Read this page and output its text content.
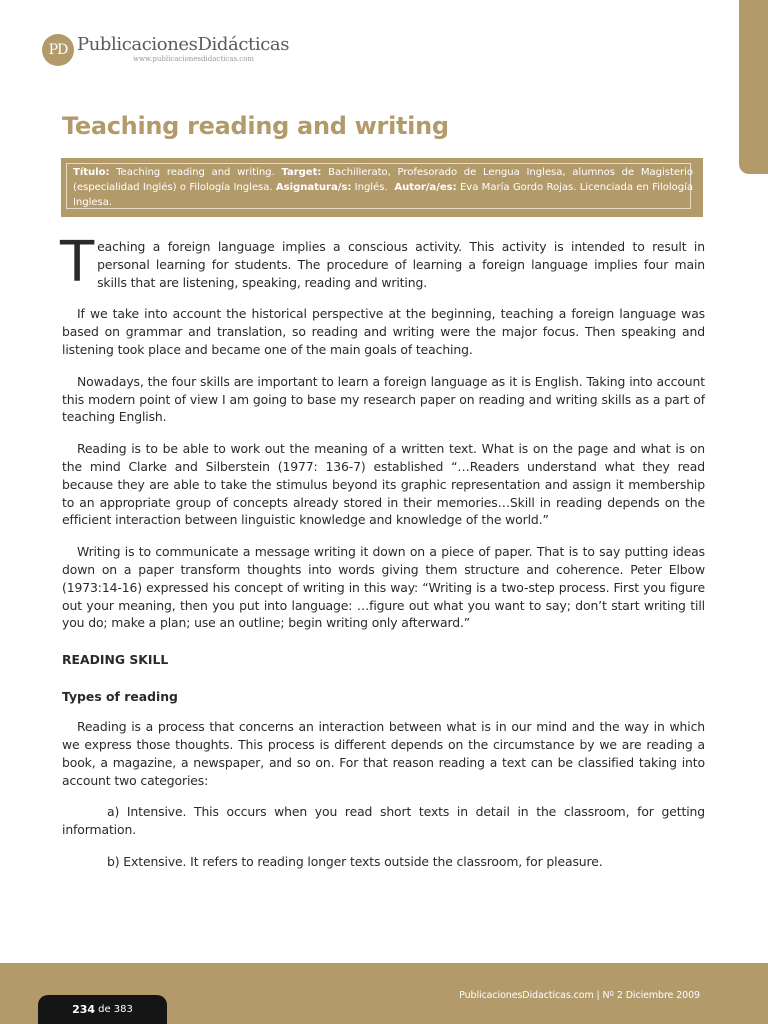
PD PublicacionesDidácticas
www.publicacionesdidacticas.com
Teaching reading and writing
Título: Teaching reading and writing. Target: Bachillerato, Profesorado de Lengua Inglesa, alumnos de Magisterio (especialidad Inglés) o Filología Inglesa. Asignatura/s: Inglés. Autor/a/es: Eva María Gordo Rojas. Licenciada en Filología Inglesa.

Teaching a foreign language implies a conscious activity. This activity is intended to result in personal learning for students. The procedure of learning a foreign language implies four main skills that are listening, speaking, reading and writing.

If we take into account the historical perspective at the beginning, teaching a foreign language was based on grammar and translation, so reading and writing were the major focus. Then speaking and listening took place and became one of the main goals of teaching.

Nowadays, the four skills are important to learn a foreign language as it is English. Taking into account this modern point of view I am going to base my research paper on reading and writing skills as a part of teaching English.

Reading is to be able to work out the meaning of a written text. What is on the page and what is on the mind Clarke and Silberstein (1977: 136-7) established “…Readers understand what they read because they are able to take the stimulus beyond its graphic representation and assign it membership to an appropriate group of concepts already stored in their memories…Skill in reading depends on the efficient interaction between linguistic knowledge and knowledge of the world.”

Writing is to communicate a message writing it down on a piece of paper. That is to say putting ideas down on a paper transform thoughts into words giving them structure and coherence. Peter Elbow (1973:14-16) expressed his concept of writing in this way: “Writing is a two-step process. First you figure out your meaning, then you put into language: …figure out what you want to say; don’t start writing till you do; make a plan; use an outline; begin writing only afterward.”

READING SKILL
Types of reading

Reading is a process that concerns an interaction between what is in our mind and the way in which we express those thoughts. This process is different depends on the circumstance by we are reading a book, a magazine, a newspaper, and so on. For that reason reading a text can be classified taking into account two categories:

a) Intensive. This occurs when you read short texts in detail in the classroom, for getting information.

b) Extensive. It refers to reading longer texts outside the classroom, for pleasure.

PublicacionesDidacticas.com | Nº 2 Diciembre 2009
234 de 383
